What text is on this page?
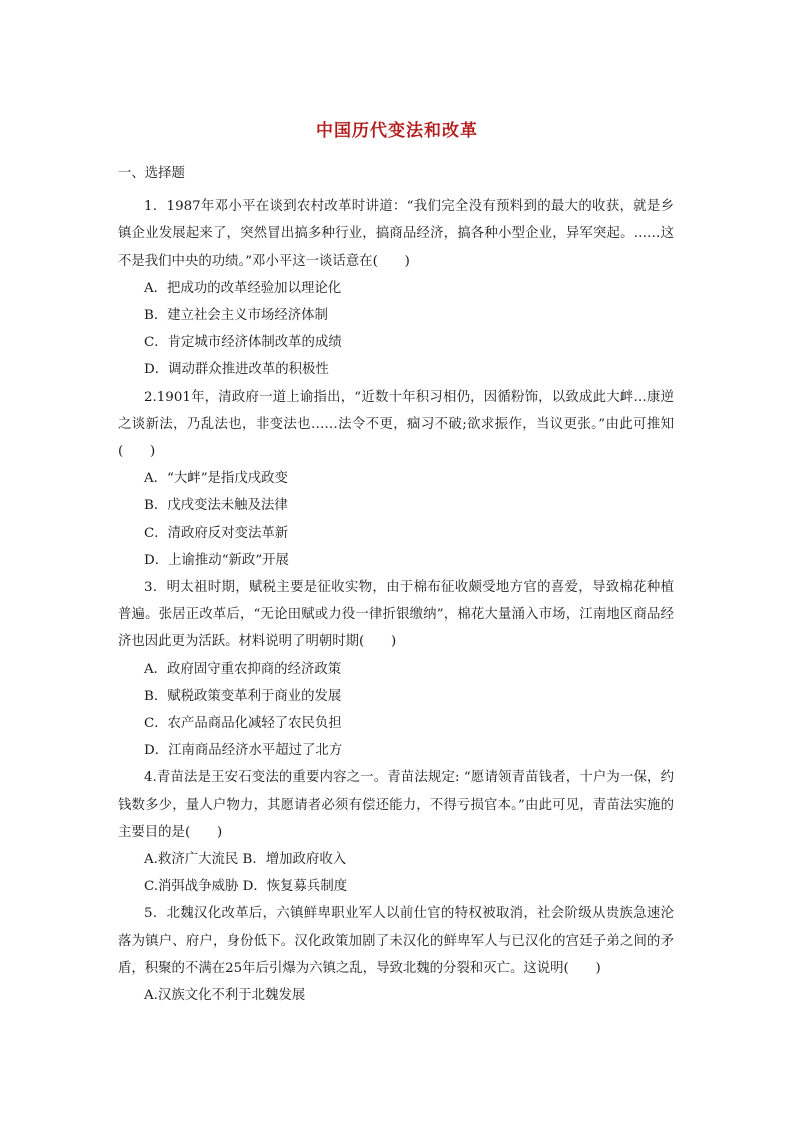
中国历代变法和改革

一、选择题

1．1987年邓小平在谈到农村改革时讲道：“我们完全没有预料到的最大的收获，就是乡镇企业发展起来了，突然冒出搞多种行业，搞商品经济，搞各种小型企业，异军突起。……这不是我们中央的功绩。”邓小平这一谈话意在(　　)

A．把成功的改革经验加以理论化

B．建立社会主义市场经济体制

C．肯定城市经济体制改革的成绩

D．调动群众推进改革的积极性

2.1901年，清政府一道上谕指出，“近数十年积习相仍，因循粉饰，以致成此大衅…康逆之谈新法，乃乱法也，非变法也……法令不更，痼习不破;欲求振作，当议更张。”由此可推知(　　)

A．“大衅”是指戊戌政变

B．戊戌变法未触及法律

C．清政府反对变法革新

D．上谕推动“新政”开展

3．明太祖时期，赋税主要是征收实物，由于棉布征收颇受地方官的喜爱，导致棉花种植普遍。张居正改革后，“无论田赋或力役一律折银缴纳”，棉花大量涌入市场，江南地区商品经济也因此更为活跃。材料说明了明朝时期(　　)

A．政府固守重农抑商的经济政策

B．赋税政策变革利于商业的发展

C．农产品商品化减轻了农民负担

D．江南商品经济水平超过了北方

4.青苗法是王安石变法的重要内容之一。青苗法规定: “愿请领青苗钱者，十户为一保，约钱数多少，量人户物力，其愿请者必须有偿还能力，不得亏损官本。”由此可见，青苗法实施的主要目的是(　　)

A.救济广大流民 B．增加政府收入

C.消弭战争威胁 D．恢复募兵制度

5．北魏汉化改革后，六镇鲜卑职业军人以前仕官的特权被取消，社会阶级从贵族急速沦落为镇户、府户，身份低下。汉化政策加剧了未汉化的鲜卑军人与已汉化的宫廷子弟之间的矛盾，积聚的不满在25年后引爆为六镇之乱，导致北魏的分裂和灭亡。这说明(　　)

A.汉族文化不利于北魏发展
